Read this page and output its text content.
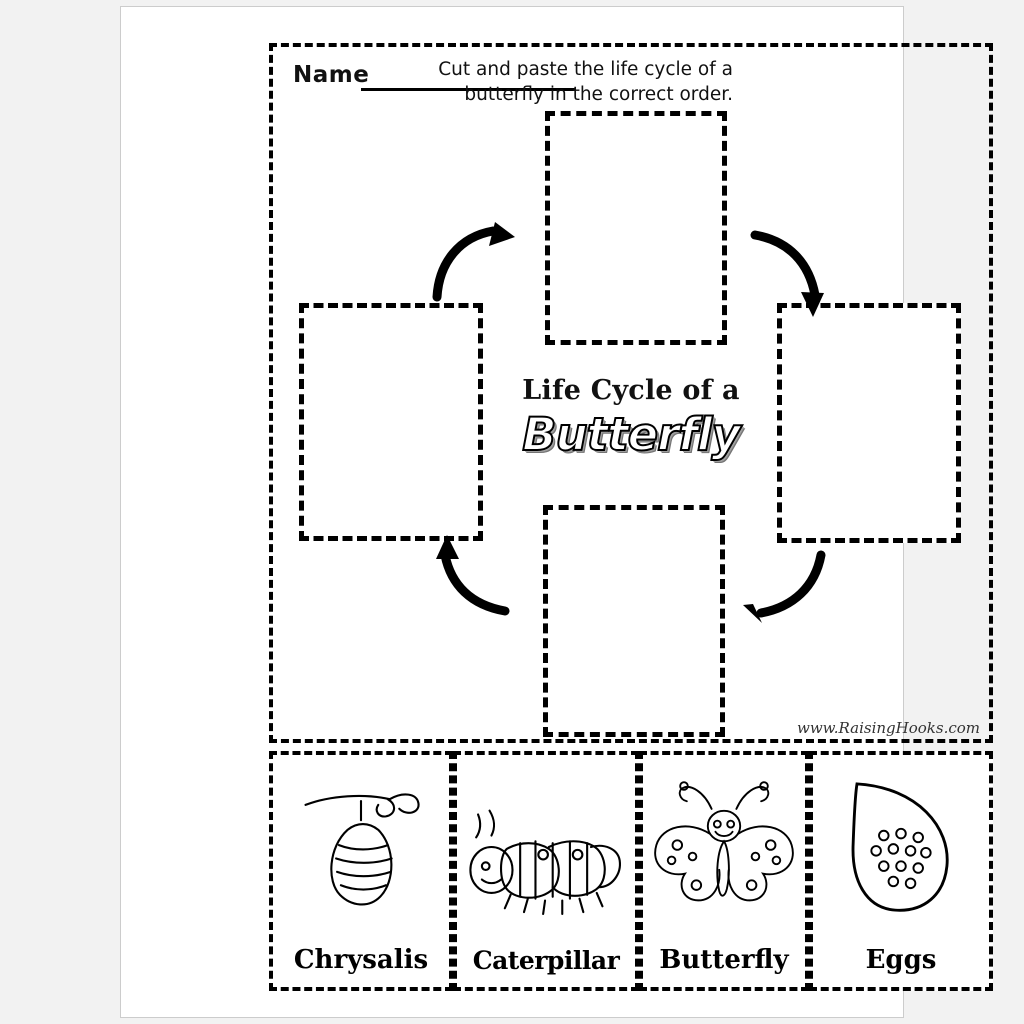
Name	Cut and paste the life cycle of a butterfly in the correct order.
Life Cycle of a
Butterfly
www.RaisingHooks.com
Chrysalis	Caterpillar	Butterfly	Eggs
